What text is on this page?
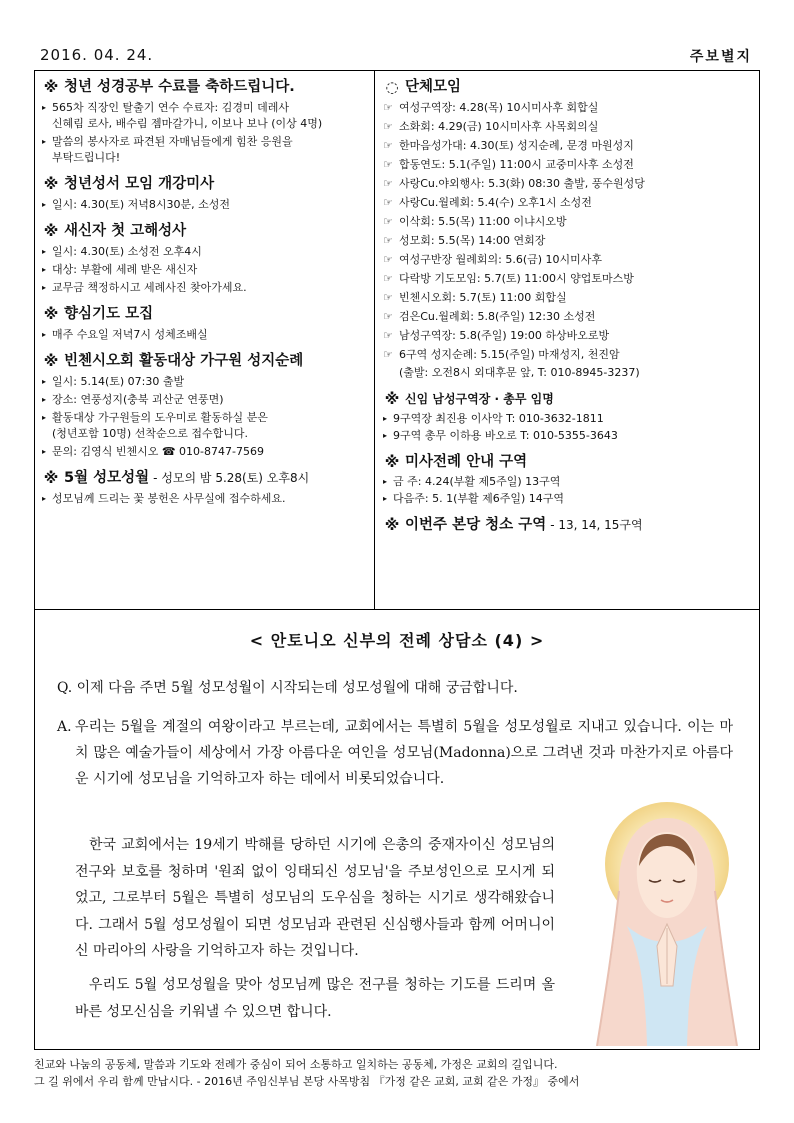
2016. 04. 24.	주보별지
※ 청년 성경공부 수료를 축하드립니다.
▸ 565차 직장인 탈출기 연수 수료자: 김경미 데레사
신혜림 로사, 배수림 젬마갈가니, 이보나 보나 (이상 4명)
▸ 말씀의 봉사자로 파견된 자매님들에게 힘찬 응원을
부탁드립니다!
※ 청년성서 모임 개강미사
▸ 일시: 4.30(토) 저녁8시30분, 소성전
※ 새신자 첫 고해성사
▸ 일시: 4.30(토) 소성전 오후4시
▸ 대상: 부활에 세례 받은 새신자
▸ 교무금 책정하시고 세례사진 찾아가세요.
※ 향심기도 모집
▸ 매주 수요일 저녁7시 성체조배실
※ 빈첸시오회 활동대상 가구원 성지순례
▸ 일시: 5.14(토) 07:30 출발
▸ 장소: 연풍성지(충북 괴산군 연풍면)
▸ 활동대상 가구원들의 도우미로 활동하실 분은
(청년포함 10명) 선착순으로 접수합니다.
▸ 문의: 김영식 빈첸시오 ☎ 010-8747-7569
※ 5월 성모성월 - 성모의 밤 5.28(토) 오후8시
▸ 성모님께 드리는 꽃 봉헌은 사무실에 접수하세요.
◌ 단체모임
☞ 여성구역장: 4.28(목) 10시미사후 회합실
☞ 소화회: 4.29(금) 10시미사후 사목회의실
☞ 한마음성가대: 4.30(토) 성지순례, 문경 마원성지
☞ 합동연도: 5.1(주일) 11:00시 교중미사후 소성전
☞ 사랑Cu.야외행사: 5.3(화) 08:30 출발, 풍수원성당
☞ 사랑Cu.월례회: 5.4(수) 오후1시 소성전
☞ 이삭회: 5.5(목) 11:00 이냐시오방
☞ 성모회: 5.5(목) 14:00 연회장
☞ 여성구반장 월례회의: 5.6(금) 10시미사후
☞ 다락방 기도모임: 5.7(토) 11:00시 양업토마스방
☞ 빈첸시오회: 5.7(토) 11:00 회합실
☞ 검은Cu.월례회: 5.8(주일) 12:30 소성전
☞ 남성구역장: 5.8(주일) 19:00 하상바오로방
☞ 6구역 성지순례: 5.15(주일) 마재성지, 천진암
(출발: 오전8시 외대후문 앞, T: 010-8945-3237)
※ 신임 남성구역장 · 총무 임명
▸ 9구역장 최진용 이사악 T: 010-3632-1811
▸ 9구역 총무 이하용 바오로 T: 010-5355-3643
※ 미사전례 안내 구역
▸ 금 주: 4.24(부활 제5주일) 13구역
▸ 다음주: 5. 1(부활 제6주일) 14구역
※ 이번주 본당 청소 구역 - 13, 14, 15구역
< 안토니오 신부의 전례 상담소 (4) >
Q. 이제 다음 주면 5월 성모성월이 시작되는데 성모성월에 대해 궁금합니다.
A. 우리는 5월을 계절의 여왕이라고 부르는데, 교회에서는 특별히 5월을 성모성월로 지내고 있습니다. 이는 마치 많은 예술가들이 세상에서 가장 아름다운 여인을 성모님(Madonna)으로 그려낸 것과 마찬가지로 아름다운 시기에 성모님을 기억하고자 하는 데에서 비롯되었습니다.
한국 교회에서는 19세기 박해를 당하던 시기에 은총의 중재자이신 성모님의 전구와 보호를 청하며 '원죄 없이 잉태되신 성모님'을 주보성인으로 모시게 되었고, 그로부터 5월은 특별히 성모님의 도우심을 청하는 시기로 생각해왔습니다. 그래서 5월 성모성월이 되면 성모님과 관련된 신심행사들과 함께 어머니이신 마리아의 사랑을 기억하고자 하는 것입니다.
우리도 5월 성모성월을 맞아 성모님께 많은 전구를 청하는 기도를 드리며 올바른 성모신심을 키워낼 수 있으면 합니다.
친교와 나눔의 공동체, 말씀과 기도와 전례가 중심이 되어 소통하고 일치하는 공동체, 가정은 교회의 길입니다.
그 길 위에서 우리 함께 만납시다. - 2016년 주임신부님 본당 사목방침 『가정 같은 교회, 교회 같은 가정』 중에서
